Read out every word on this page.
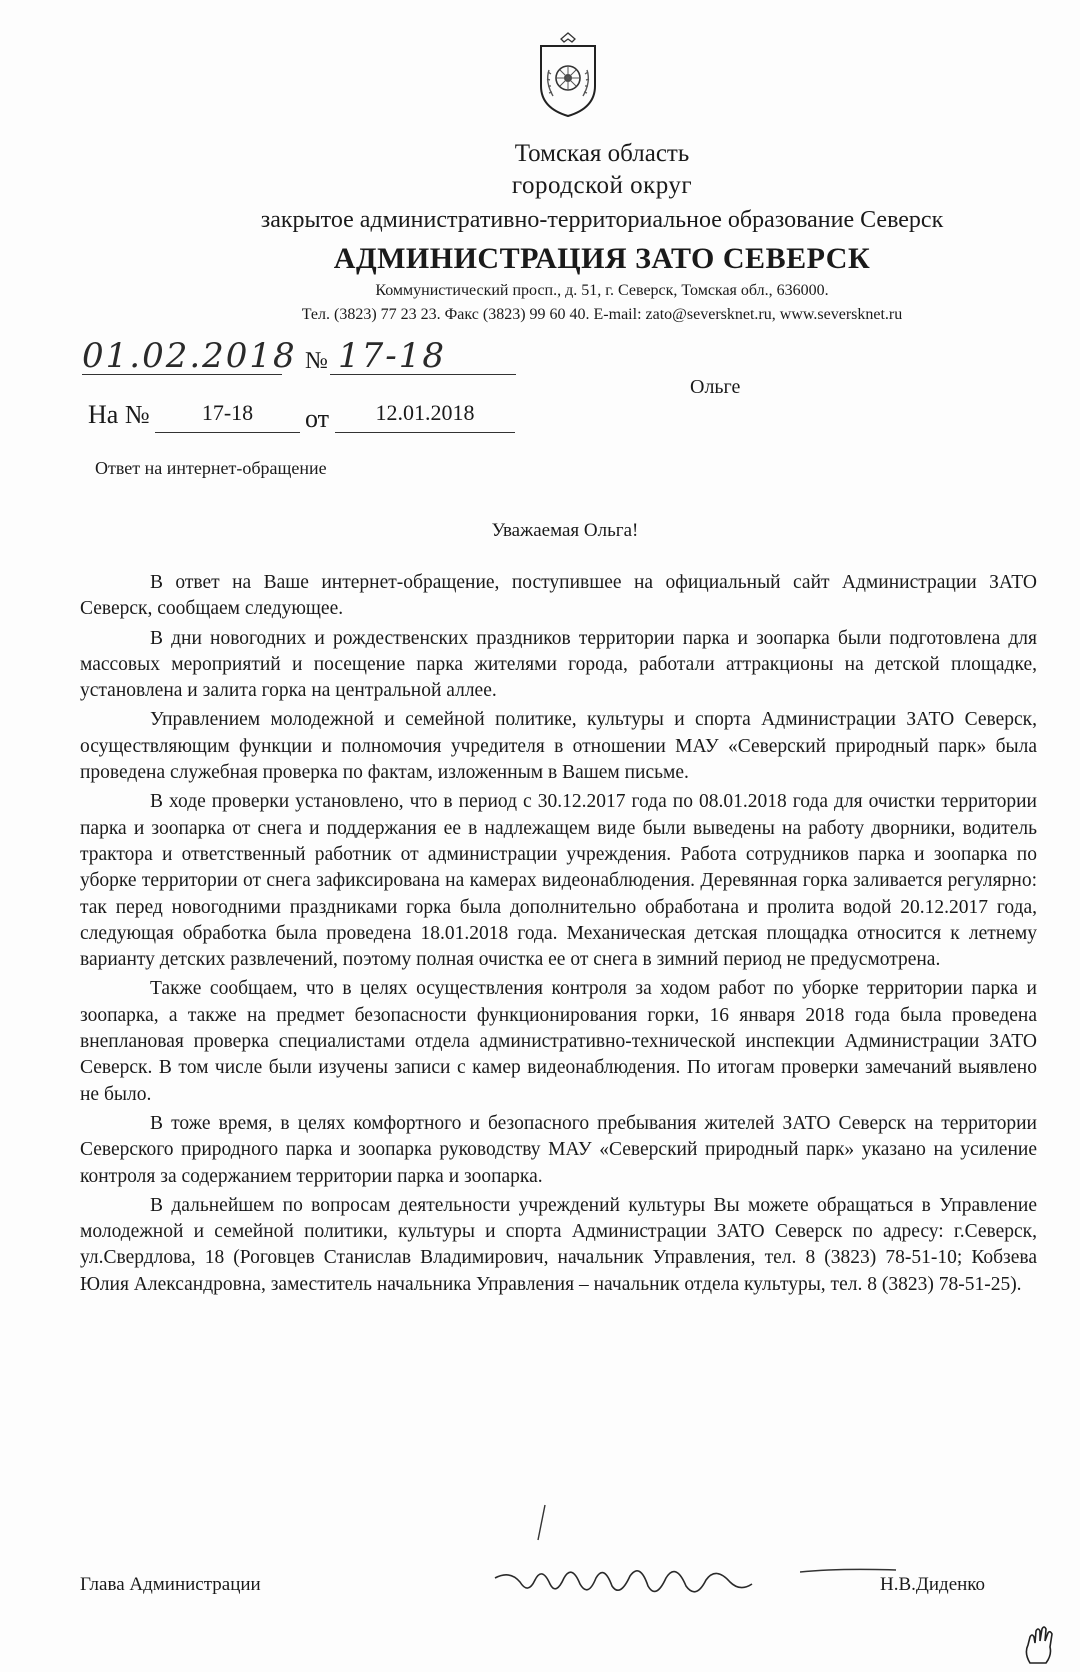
Томская область
городской округ
закрытое административно-территориальное образование Северск
АДМИНИСТРАЦИЯ ЗАТО СЕВЕРСК
Коммунистический просп., д. 51, г. Северск, Томская обл., 636000.
Тел. (3823) 77 23 23. Факс (3823) 99 60 40. E-mail: zato@seversknet.ru, www.seversknet.ru
01.02.2018 № 17-18
На №	17-18	от	12.01.2018
Ольге
Ответ на интернет-обращение
Уважаемая Ольга!

В ответ на Ваше интернет-обращение, поступившее на официальный сайт Администрации ЗАТО Северск, сообщаем следующее.

В дни новогодних и рождественских праздников территории парка и зоопарка были подготовлена для массовых мероприятий и посещение парка жителями города, работали аттракционы на детской площадке, установлена и залита горка на центральной аллее.

Управлением молодежной и семейной политике, культуры и спорта Администрации ЗАТО Северск, осуществляющим функции и полномочия учредителя в отношении МАУ «Северский природный парк» была проведена служебная проверка по фактам, изложенным в Вашем письме.

В ходе проверки установлено, что в период с 30.12.2017 года по 08.01.2018 года для очистки территории парка и зоопарка от снега и поддержания ее в надлежащем виде были выведены на работу дворники, водитель трактора и ответственный работник от администрации учреждения. Работа сотрудников парка и зоопарка по уборке территории от снега зафиксирована на камерах видеонаблюдения. Деревянная горка заливается регулярно: так перед новогодними праздниками горка была дополнительно обработана и пролита водой 20.12.2017 года, следующая обработка была проведена 18.01.2018 года. Механическая детская площадка относится к летнему варианту детских развлечений, поэтому полная очистка ее от снега в зимний период не предусмотрена.

Также сообщаем, что в целях осуществления контроля за ходом работ по уборке территории парка и зоопарка, а также на предмет безопасности функционирования горки, 16 января 2018 года была проведена внеплановая проверка специалистами отдела административно-технической инспекции Администрации ЗАТО Северск. В том числе были изучены записи с камер видеонаблюдения. По итогам проверки замечаний выявлено не было.

В тоже время, в целях комфортного и безопасного пребывания жителей ЗАТО Северск на территории Северского природного парка и зоопарка руководству МАУ «Северский природный парк» указано на усиление контроля за содержанием территории парка и зоопарка.

В дальнейшем по вопросам деятельности учреждений культуры Вы можете обращаться в Управление молодежной и семейной политики, культуры и спорта Администрации ЗАТО Северск по адресу: г.Северск, ул.Свердлова, 18 (Роговцев Станислав Владимирович, начальник Управления, тел. 8 (3823) 78-51-10; Кобзева Юлия Александровна, заместитель начальника Управления – начальник отдела культуры, тел. 8 (3823) 78-51-25).

Глава Администрации	Н.В.Диденко
